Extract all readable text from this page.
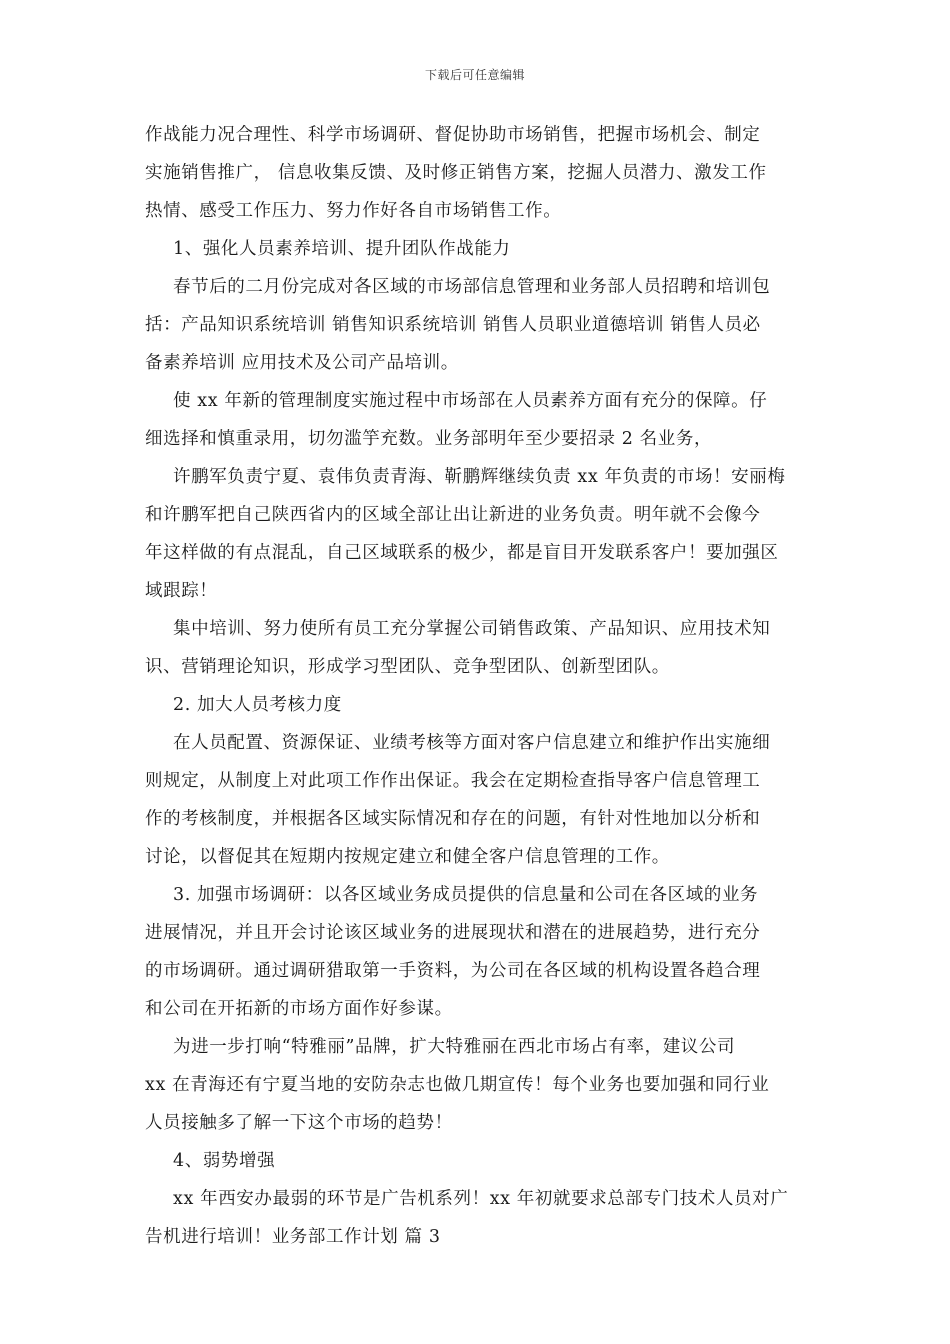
下载后可任意编辑
作战能力况合理性、科学市场调研、督促协助市场销售，把握市场机会、制定
实施销售推广， 信息收集反馈、及时修正销售方案，挖掘人员潜力、激发工作
热情、感受工作压力、努力作好各自市场销售工作。
1、强化人员素养培训、提升团队作战能力
春节后的二月份完成对各区域的市场部信息管理和业务部人员招聘和培训包
括：产品知识系统培训 销售知识系统培训 销售人员职业道德培训 销售人员必
备素养培训 应用技术及公司产品培训。
使 xx 年新的管理制度实施过程中市场部在人员素养方面有充分的保障。仔
细选择和慎重录用，切勿滥竽充数。业务部明年至少要招录 2 名业务，
许鹏军负责宁夏、袁伟负责青海、靳鹏辉继续负责 xx 年负责的市场！安丽梅
和许鹏军把自己陕西省内的区域全部让出让新进的业务负责。明年就不会像今
年这样做的有点混乱，自己区域联系的极少，都是盲目开发联系客户！要加强区
域跟踪！
集中培训、努力使所有员工充分掌握公司销售政策、产品知识、应用技术知
识、营销理论知识，形成学习型团队、竞争型团队、创新型团队。
2. 加大人员考核力度
在人员配置、资源保证、业绩考核等方面对客户信息建立和维护作出实施细
则规定，从制度上对此项工作作出保证。我会在定期检查指导客户信息管理工
作的考核制度，并根据各区域实际情况和存在的问题，有针对性地加以分析和
讨论，以督促其在短期内按规定建立和健全客户信息管理的工作。
3. 加强市场调研：以各区域业务成员提供的信息量和公司在各区域的业务
进展情况，并且开会讨论该区域业务的进展现状和潜在的进展趋势，进行充分
的市场调研。通过调研猎取第一手资料，为公司在各区域的机构设置各趋合理
和公司在开拓新的市场方面作好参谋。
为进一步打响“特雅丽”品牌，扩大特雅丽在西北市场占有率，建议公司
xx 在青海还有宁夏当地的安防杂志也做几期宣传！每个业务也要加强和同行业
人员接触多了解一下这个市场的趋势！
4、弱势增强
xx 年西安办最弱的环节是广告机系列！xx 年初就要求总部专门技术人员对广
告机进行培训！业务部工作计划 篇 3
